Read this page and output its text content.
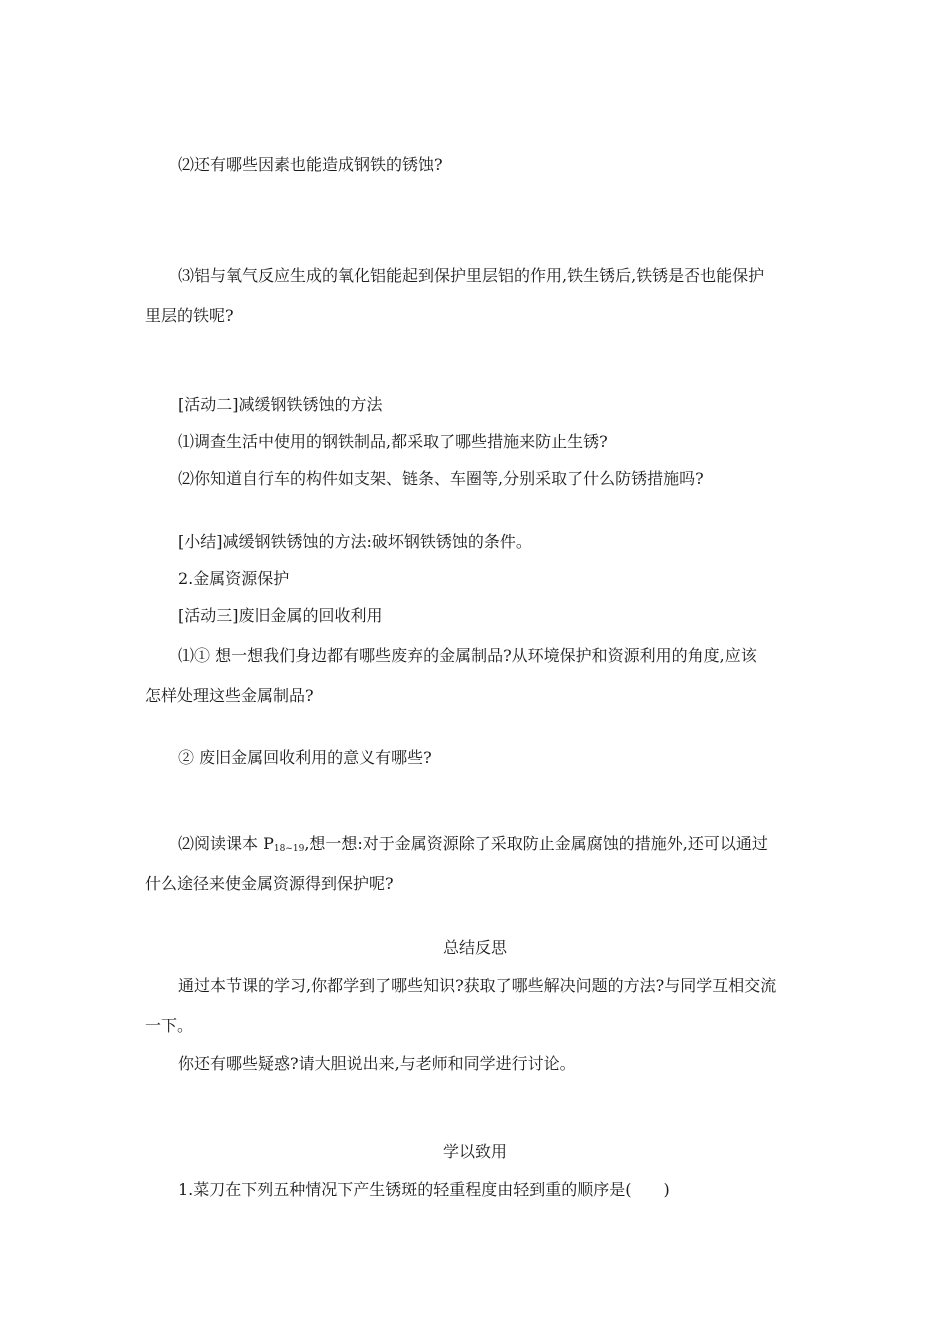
⑵还有哪些因素也能造成钢铁的锈蚀?
⑶铝与氧气反应生成的氧化铝能起到保护里层铝的作用,铁生锈后,铁锈是否也能保护
里层的铁呢?
[活动二]减缓钢铁锈蚀的方法
⑴调查生活中使用的钢铁制品,都采取了哪些措施来防止生锈?
⑵你知道自行车的构件如支架、链条、车圈等,分别采取了什么防锈措施吗?
[小结]减缓钢铁锈蚀的方法:破坏钢铁锈蚀的条件。
2.金属资源保护
[活动三]废旧金属的回收利用
⑴① 想一想我们身边都有哪些废弃的金属制品?从环境保护和资源利用的角度,应该
怎样处理这些金属制品?
② 废旧金属回收利用的意义有哪些?
⑵阅读课本 $P_{18\sim 19}$,想一想:对于金属资源除了采取防止金属腐蚀的措施外,还可以通过
什么途径来使金属资源得到保护呢?
总结反思
通过本节课的学习,你都学到了哪些知识?获取了哪些解决问题的方法?与同学互相交流
一下。
你还有哪些疑惑?请大胆说出来,与老师和同学进行讨论。
学以致用
1.菜刀在下列五种情况下产生锈斑的轻重程度由轻到重的顺序是(　　)
